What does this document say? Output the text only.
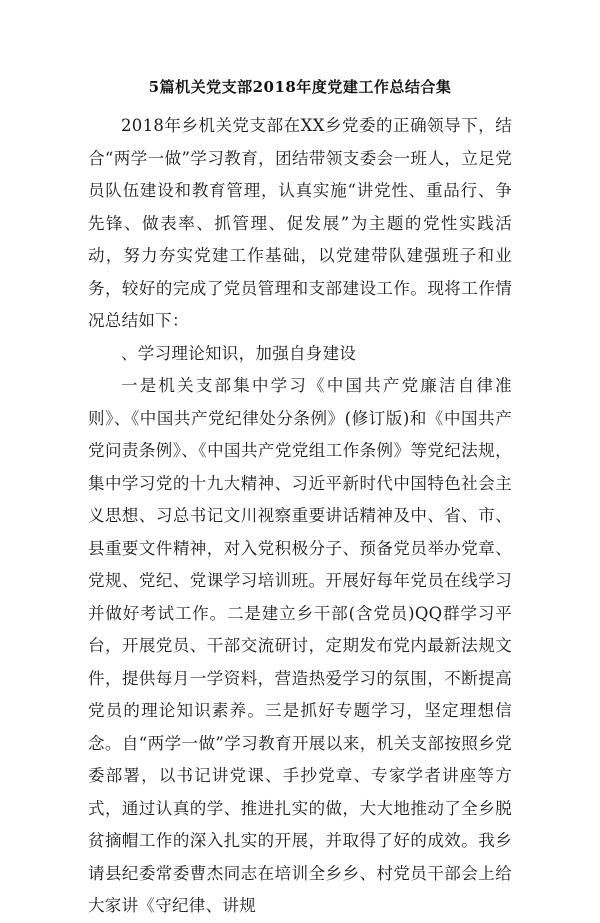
5篇机关党支部2018年度党建工作总结合集

2018年乡机关党支部在XX乡党委的正确领导下，结合“两学一做”学习教育，团结带领支委会一班人，立足党员队伍建设和教育管理，认真实施“讲党性、重品行、争先锋、做表率、抓管理、促发展”为主题的党性实践活动，努力夯实党建工作基础，以党建带队建强班子和业务，较好的完成了党员管理和支部建设工作。现将工作情况总结如下：

、学习理论知识，加强自身建设

一是机关支部集中学习《中国共产党廉洁自律准则》、《中国共产党纪律处分条例》(修订版)和《中国共产党问责条例》、《中国共产党党组工作条例》等党纪法规，集中学习党的十九大精神、习近平新时代中国特色社会主义思想、习总书记文川视察重要讲话精神及中、省、市、县重要文件精神，对入党积极分子、预备党员举办党章、党规、党纪、党课学习培训班。开展好每年党员在线学习并做好考试工作。二是建立乡干部(含党员)QQ群学习平台，开展党员、干部交流研讨，定期发布党内最新法规文件，提供每月一学资料，营造热爱学习的氛围，不断提高党员的理论知识素养。三是抓好专题学习，坚定理想信念。自“两学一做”学习教育开展以来，机关支部按照乡党委部署，以书记讲党课、手抄党章、专家学者讲座等方式，通过认真的学、推进扎实的做，大大地推动了全乡脱贫摘帽工作的深入扎实的开展，并取得了好的成效。我乡请县纪委常委曹杰同志在培训全乡乡、村党员干部会上给大家讲《守纪律、讲规
